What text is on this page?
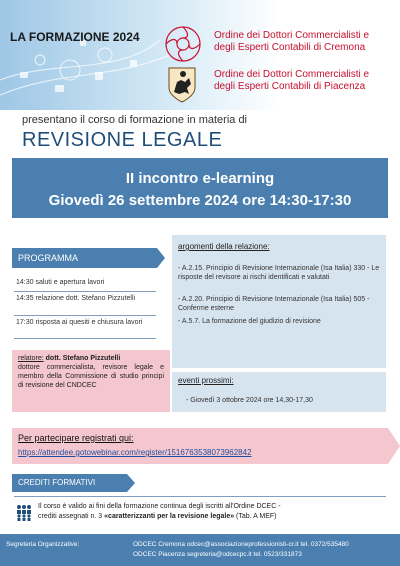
LA FORMAZIONE 2024	Ordine dei Dottori Commercialisti e
degli Esperti Contabili di Cremona
Ordine dei Dottori Commercialisti e
degli Esperti Contabili di Piacenza
presentano il corso di formazione in materia di
REVISIONE LEGALE
II incontro e-learning
Giovedì 26 settembre 2024 ore 14:30-17:30
PROGRAMMA
14:30 saluti e apertura lavori
14:35 relazione dott. Stefano Pizzutelli
17:30 risposta ai quesiti e chiusura lavori
argomenti della relazione:
- A.2.15. Principio di Revisione Internazionale (Isa Italia) 330 - Le risposte del revisore ai rischi identificati e valutati
- A.2.20. Principio di Revisione Internazionale (Isa Italia) 505 - Conferme esterne
- A.5.7. La formazione del giudizio di revisione
relatore: dott. Stefano Pizzutelli
dottore commercialista, revisore legale e membro della Commissione di studio principi di revisione del CNDCEC
eventi prossimi:
- Giovedì 3 ottobre 2024 ore 14,30-17,30
Per partecipare registrati qui:
https://attendee.gotowebinar.com/register/1516763538073962842
CREDITI FORMATIVI
Il corso è valido ai fini della formazione continua degli iscritti all'Ordine DCEC -
crediti assegnati n. 3 «caratterizzanti per la revisione legale» (Tab. A MEF)
Segreteria Organizzative:	ODCEC Cremona odcec@associazioneprofessionisti-cr.it tel. 0372/535480
ODCEC Piacenza segreteria@odcecpc.it tel. 0523/331873
